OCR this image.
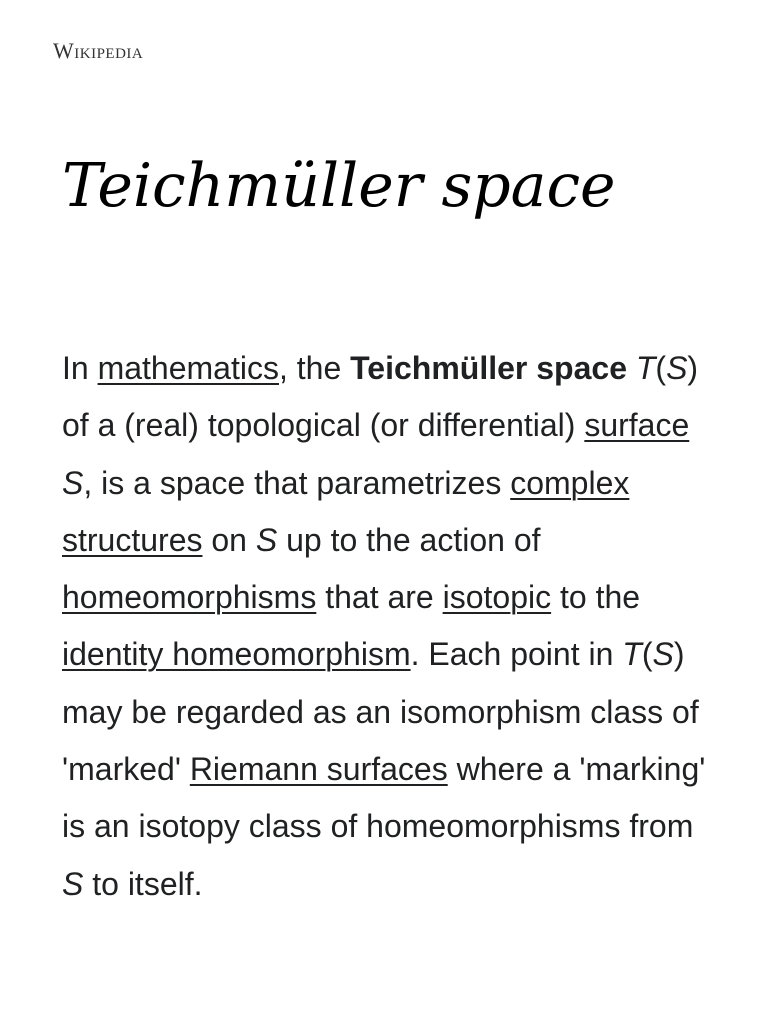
Wikipedia
Teichmüller space

In mathematics, the Teichmüller space T(S) of a (real) topological (or differential) surface S, is a space that parametrizes complex structures on S up to the action of homeomorphisms that are isotopic to the identity homeomorphism. Each point in T(S) may be regarded as an isomorphism class of 'marked' Riemann surfaces where a 'marking' is an isotopy class of homeomorphisms from S to itself.
